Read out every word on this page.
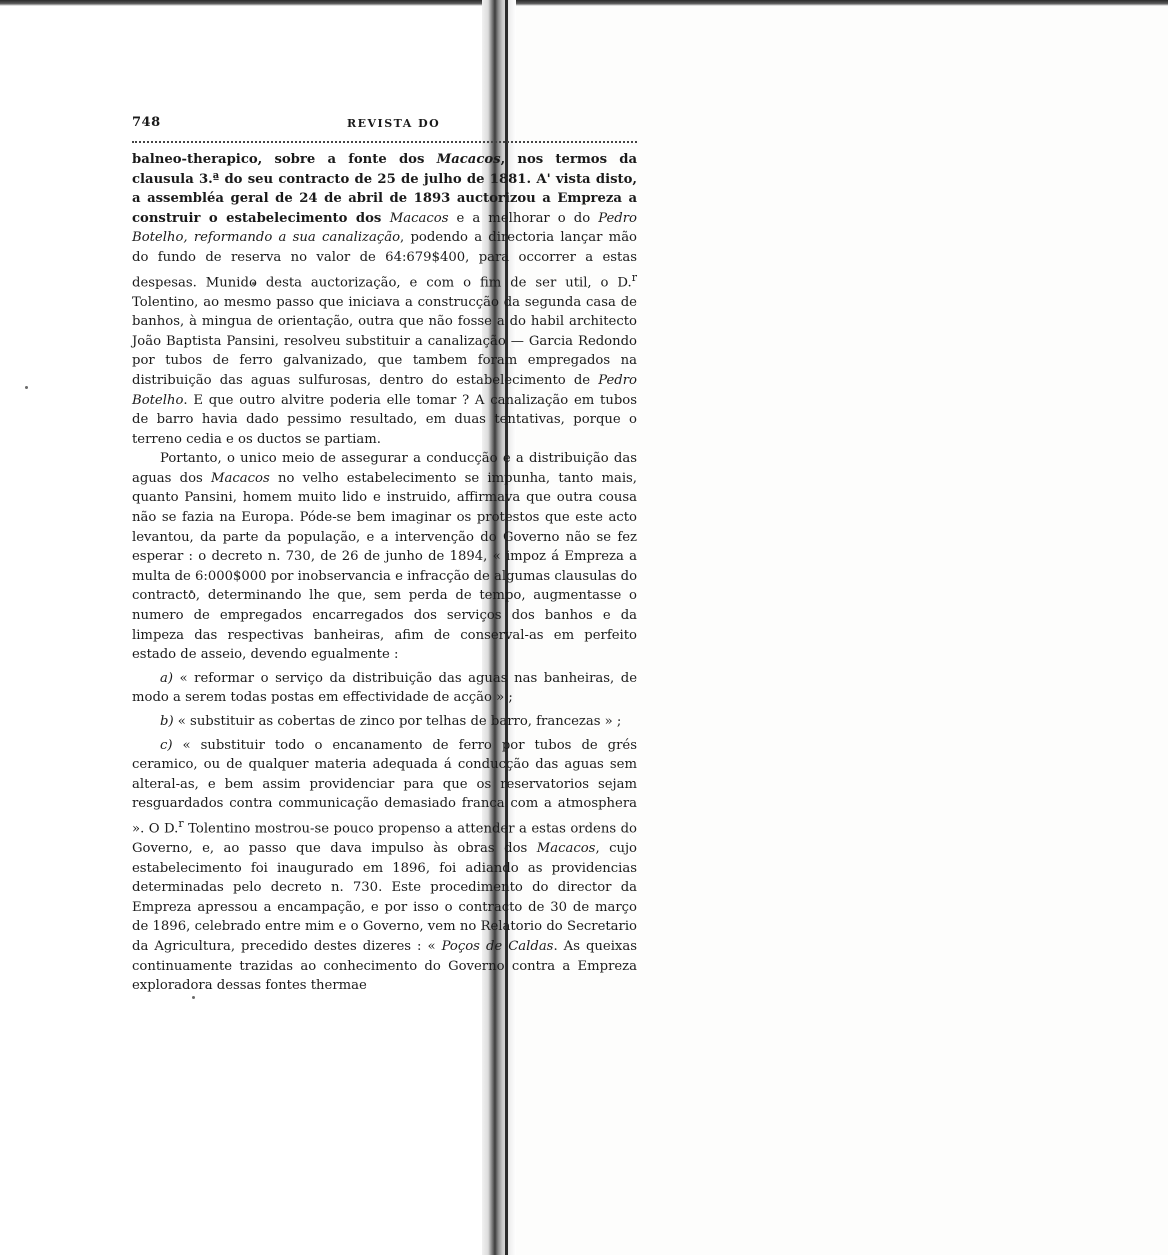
748	REVISTA DO

balneo-therapico, sobre a fonte dos Macacos, nos termos da clausula 3.ª do seu contracto de 25 de julho de 1881. A' vista disto, a assembléa geral de 24 de abril de 1893 auctorizou a Empreza a construir o estabelecimento dos Macacos e a melhorar o do Pedro Botelho, reformando a sua canalização, podendo a directoria lançar mão do fundo de reserva no valor de 64:679$400, para occorrer a estas despesas. Munido desta auctorização, e com o fim de ser util, o D.$^r$ Tolentino, ao mesmo passo que iniciava a construcção da segunda casa de banhos, à mingua de orientação, outra que não fosse a do habil architecto João Baptista Pansini, resolveu substituir a canalização — Garcia Redondo por tubos de ferro galvanizado, que tambem foram empregados na distribuição das aguas sulfurosas, dentro do estabelecimento de Pedro Botelho. E que outro alvitre poderia elle tomar ? A canalização em tubos de barro havia dado pessimo resultado, em duas tentativas, porque o terreno cedia e os ductos se partiam.

Portanto, o unico meio de assegurar a conducção e a distribuição das aguas dos Macacos no velho estabelecimento se impunha, tanto mais, quanto Pansini, homem muito lido e instruido, affirmava que outra cousa não se fazia na Europa. Póde-se bem imaginar os protestos que este acto levantou, da parte da população, e a intervenção do Governo não se fez esperar : o decreto n. 730, de 26 de junho de 1894, « impoz á Empreza a multa de 6:000$000 por inobservancia e infracção de algumas clausulas do contracto, determinando lhe que, sem perda de tempo, augmentasse o numero de empregados encarregados dos serviços dos banhos e da limpeza das respectivas banheiras, afim de conserval-as em perfeito estado de asseio, devendo egualmente :

a) « reformar o serviço da distribuição das aguas nas banheiras, de modo a serem todas postas em effectividade de acção » ;

b) « substituir as cobertas de zinco por telhas de barro, francezas » ;

c) « substituir todo o encanamento de ferro por tubos de grés ceramico, ou de qualquer materia adequada á conducção das aguas sem alteral-as, e bem assim providenciar para que os reservatorios sejam resguardados contra communicação demasiado franca com a atmosphera ». O D.$^r$ Tolentino mostrou-se pouco propenso a attender a estas ordens do Governo, e, ao passo que dava impulso às obras dos Macacos, cujo estabelecimento foi inaugurado em 1896, foi adiando as providencias determinadas pelo decreto n. 730. Este procedimento do director da Empreza apressou a encampação, e por isso o contracto de 30 de março de 1896, celebrado entre mim e o Governo, vem no Relatorio do Secretario da Agricultura, precedido destes dizeres : « Poços de Caldas. As queixas continuamente trazidas ao conhecimento do Governo contra a Empreza exploradora dessas fontes thermae
